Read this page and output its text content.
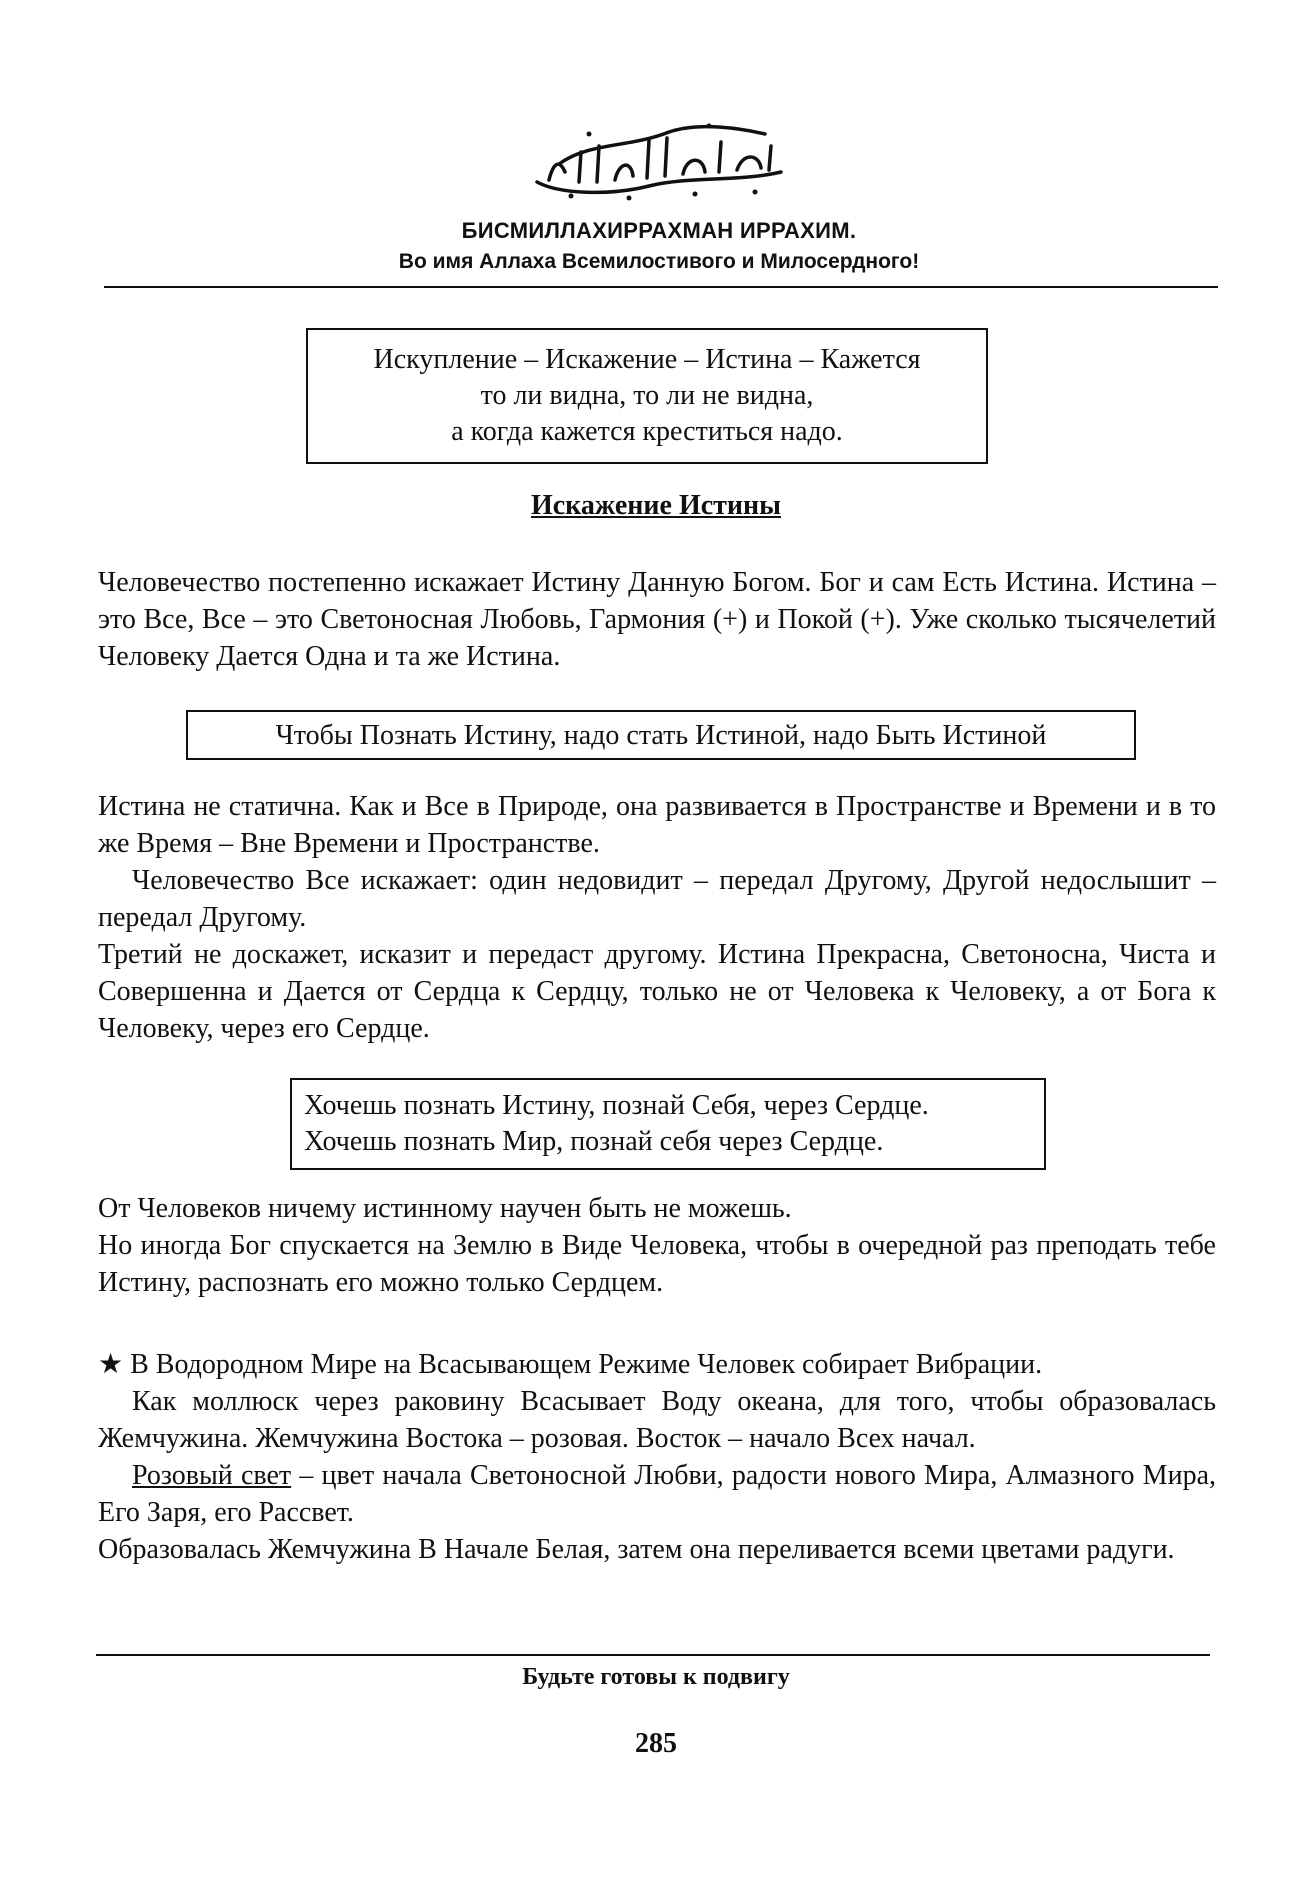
БИСМИЛЛАХИРРАХМАН ИРРАХИМ.
Во имя Аллаха Всемилостивого и Милосердного!
Искупление – Искажение – Истина – Кажется
то ли видна, то ли не видна,
а когда кажется креститься надо.
Искажение Истины

Человечество постепенно искажает Истину Данную Богом. Бог и сам Есть Истина. Истина – это Все, Все – это Светоносная Любовь, Гармония (+) и Покой (+). Уже сколько тысячелетий Человеку Дается Одна и та же Истина.

Чтобы Познать Истину, надо стать Истиной, надо Быть Истиной

Истина не статична. Как и Все в Природе, она развивается в Пространстве и Времени и в то же Время – Вне Времени и Пространстве.

Человечество Все искажает: один недовидит – передал Другому, Другой недослышит – передал Другому.

Третий не доскажет, исказит и передаст другому. Истина Прекрасна, Светоносна, Чиста и Совершенна и Дается от Сердца к Сердцу, только не от Человека к Человеку, а от Бога к Человеку, через его Сердце.

Хочешь познать Истину, познай Себя, через Сердце.
Хочешь познать Мир, познай себя через Сердце.

От Человеков ничему истинному научен быть не можешь.

Но иногда Бог спускается на Землю в Виде Человека, чтобы в очередной раз преподать тебе Истину, распознать его можно только Сердцем.

★ В Водородном Мире на Всасывающем Режиме Человек собирает Вибрации.

Как моллюск через раковину Всасывает Воду океана, для того, чтобы образовалась Жемчужина. Жемчужина Востока – розовая. Восток – начало Всех начал.

Розовый свет – цвет начала Светоносной Любви, радости нового Мира, Алмазного Мира, Его Заря, его Рассвет.

Образовалась Жемчужина В Начале Белая, затем она переливается всеми цветами радуги.

Будьте готовы к подвигу
285
